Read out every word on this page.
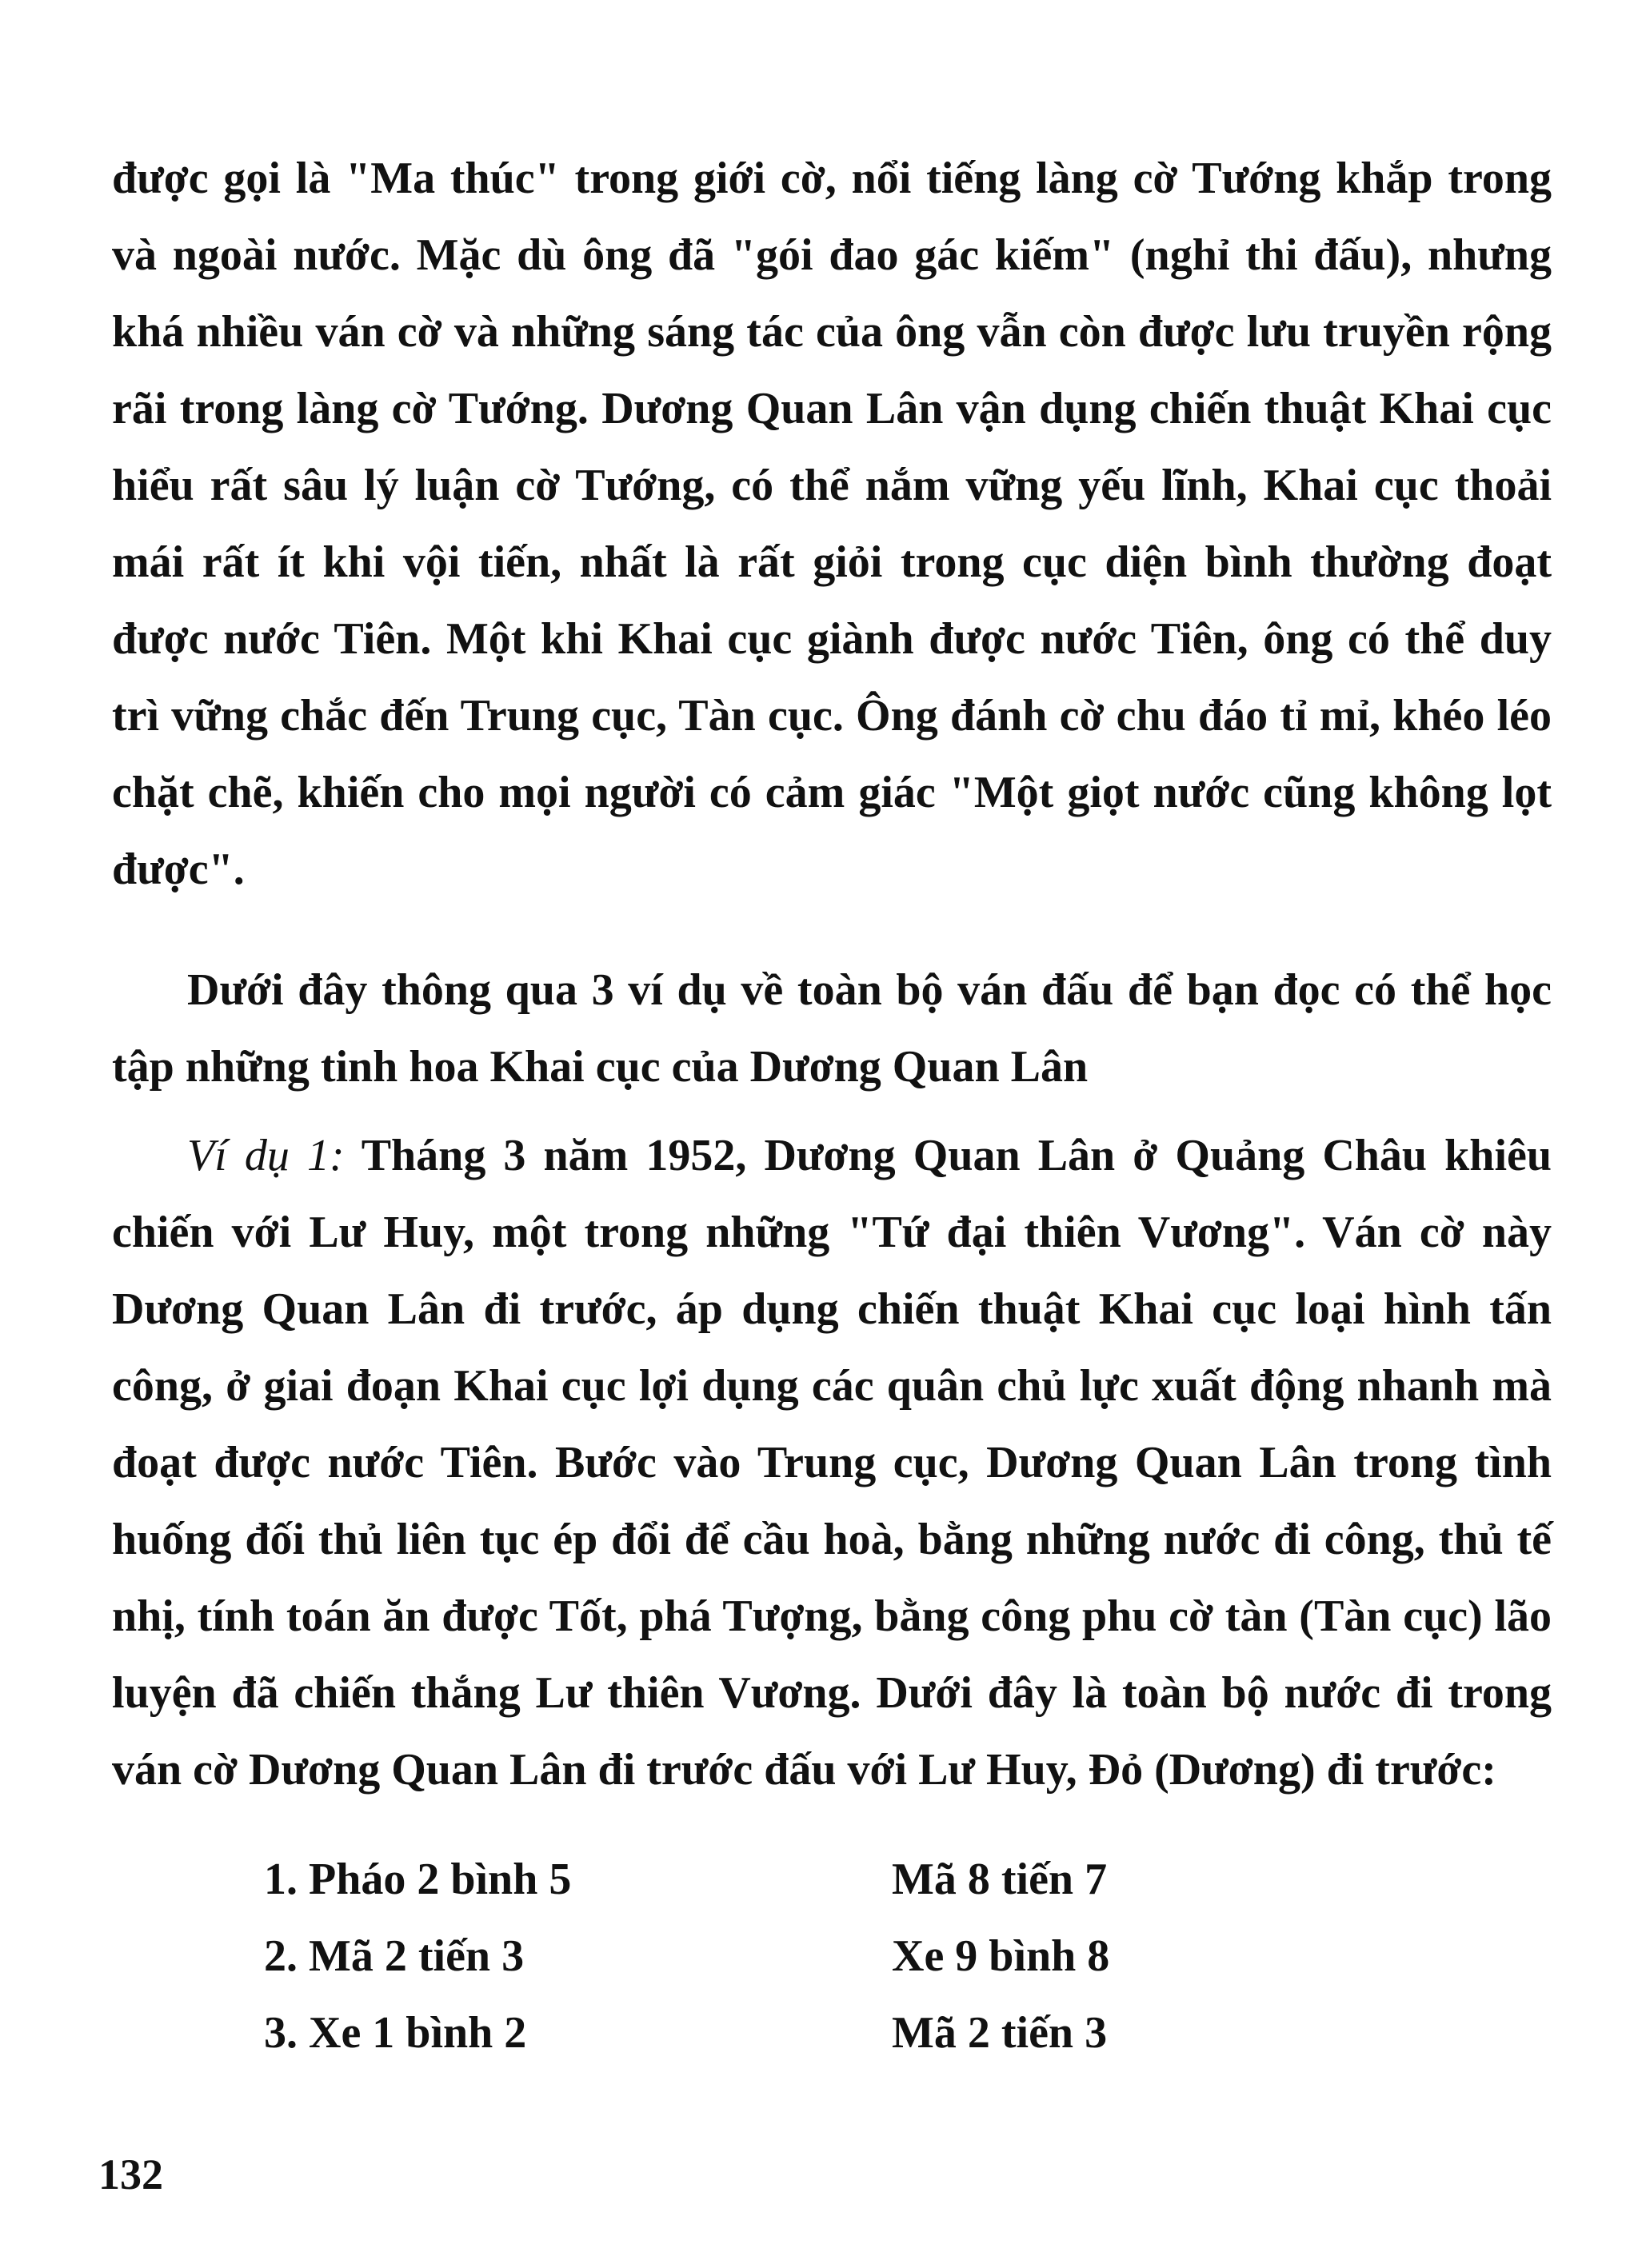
được gọi là "Ma thúc" trong giới cờ, nổi tiếng làng cờ Tướng khắp trong và ngoài nước. Mặc dù ông đã "gói đao gác kiếm" (nghỉ thi đấu), nhưng khá nhiều ván cờ và những sáng tác của ông vẫn còn được lưu truyền rộng rãi trong làng cờ Tướng. Dương Quan Lân vận dụng chiến thuật Khai cục hiểu rất sâu lý luận cờ Tướng, có thể nắm vững yếu lĩnh, Khai cục thoải mái rất ít khi vội tiến, nhất là rất giỏi trong cục diện bình thường đoạt được nước Tiên. Một khi Khai cục giành được nước Tiên, ông có thể duy trì vững chắc đến Trung cục, Tàn cục. Ông đánh cờ chu đáo tỉ mỉ, khéo léo chặt chẽ, khiến cho mọi người có cảm giác "Một giọt nước cũng không lọt được".

Dưới đây thông qua 3 ví dụ về toàn bộ ván đấu để bạn đọc có thể học tập những tinh hoa Khai cục của Dương Quan Lân

Ví dụ 1: Tháng 3 năm 1952, Dương Quan Lân ở Quảng Châu khiêu chiến với Lư Huy, một trong những "Tứ đại thiên Vương". Ván cờ này Dương Quan Lân đi trước, áp dụng chiến thuật Khai cục loại hình tấn công, ở giai đoạn Khai cục lợi dụng các quân chủ lực xuất động nhanh mà đoạt được nước Tiên. Bước vào Trung cục, Dương Quan Lân trong tình huống đối thủ liên tục ép đổi để cầu hoà, bằng những nước đi công, thủ tế nhị, tính toán ăn được Tốt, phá Tượng, bằng công phu cờ tàn (Tàn cục) lão luyện đã chiến thắng Lư thiên Vương. Dưới đây là toàn bộ nước đi trong ván cờ Dương Quan Lân đi trước đấu với Lư Huy, Đỏ (Dương) đi trước:

1. Pháo 2 bình 5	Mã 8 tiến 7
2. Mã 2 tiến 3	Xe 9 bình 8
3. Xe 1 bình 2	Mã 2 tiến 3
132
